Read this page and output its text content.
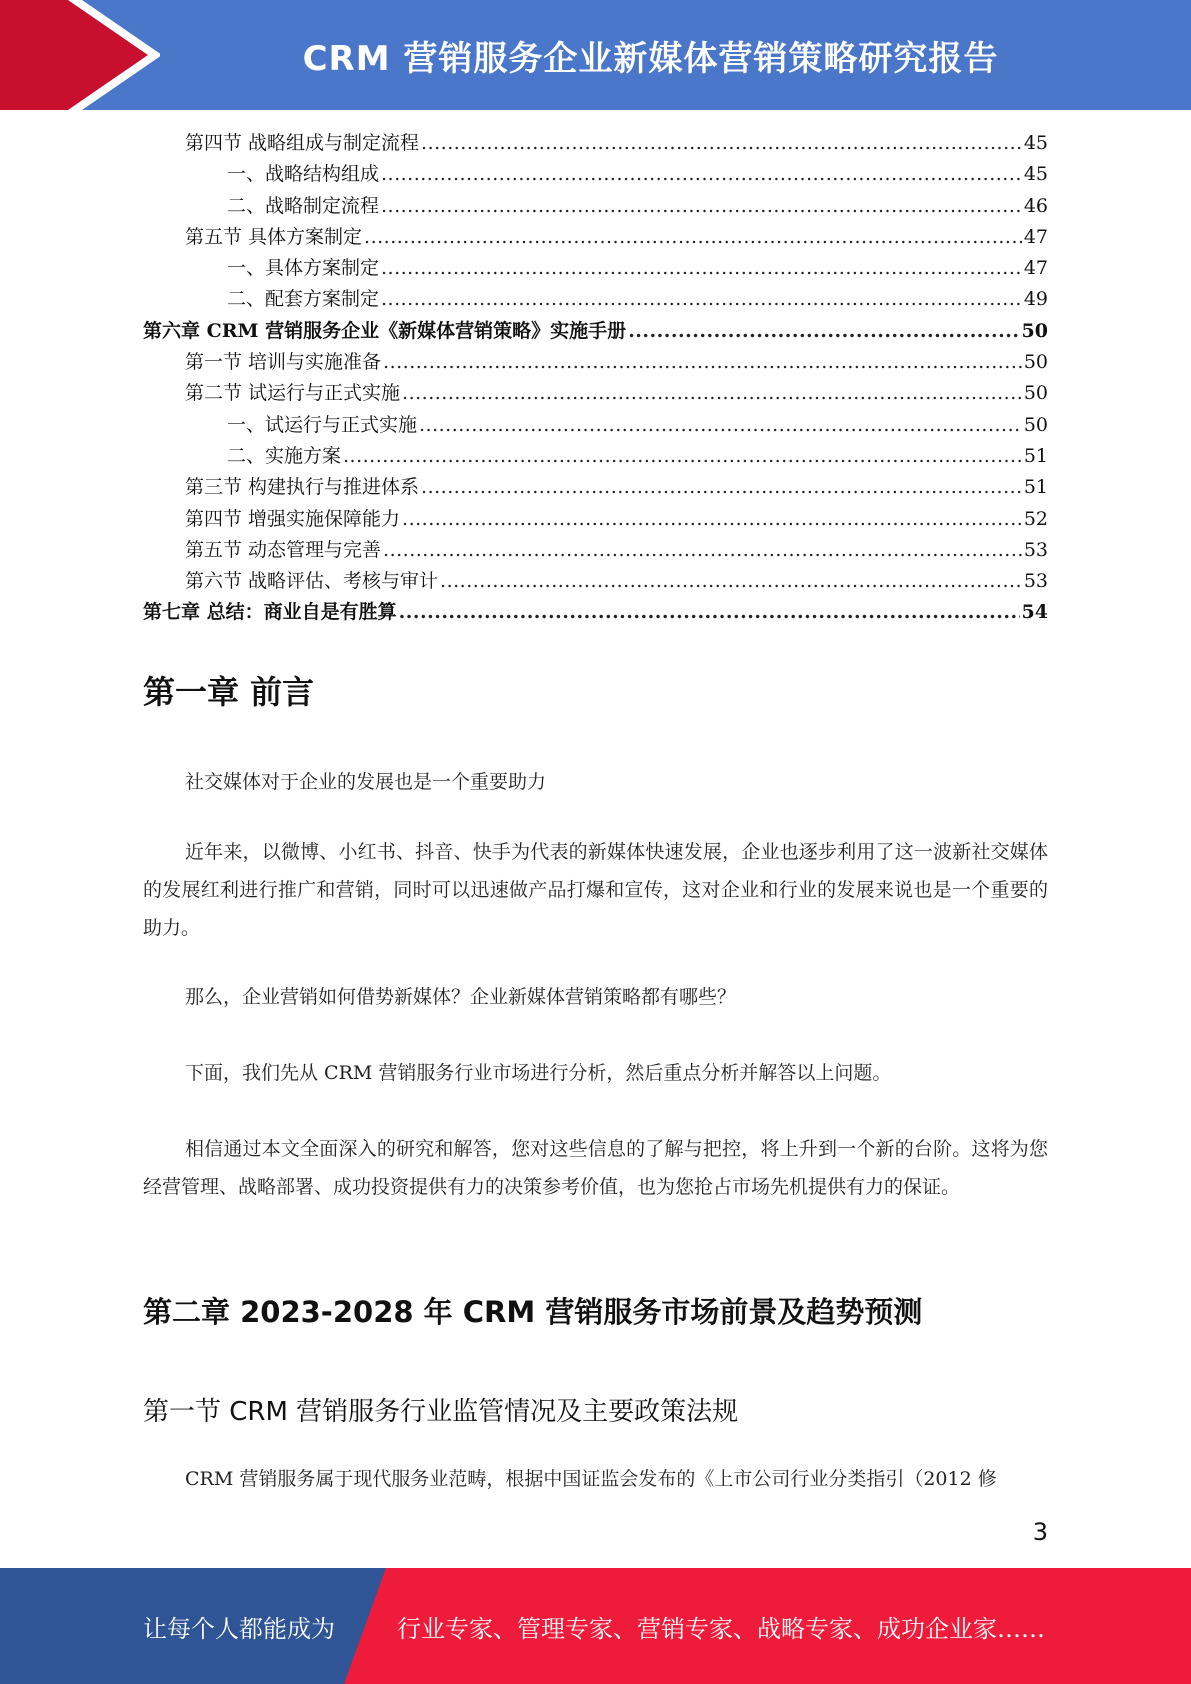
CRM 营销服务企业新媒体营销策略研究报告
第四节 战略组成与制定流程 .....	45
一、战略结构组成 .....	45
二、战略制定流程 .....	46
第五节 具体方案制定 .....	47
一、具体方案制定 .....	47
二、配套方案制定 .....	49
第六章 CRM 营销服务企业《新媒体营销策略》实施手册 .....	50
第一节 培训与实施准备 .....	50
第二节 试运行与正式实施 .....	50
一、试运行与正式实施 .....	50
二、实施方案 .....	51
第三节 构建执行与推进体系 .....	51
第四节 增强实施保障能力 .....	52
第五节 动态管理与完善 .....	53
第六节 战略评估、考核与审计 .....	53
第七章 总结：商业自是有胜算 .....	54
第一章 前言

社交媒体对于企业的发展也是一个重要助力

近年来，以微博、小红书、抖音、快手为代表的新媒体快速发展，企业也逐步利用了这一波新社交媒体的发展红利进行推广和营销，同时可以迅速做产品打爆和宣传，这对企业和行业的发展来说也是一个重要的助力。

那么，企业营销如何借势新媒体？企业新媒体营销策略都有哪些？

下面，我们先从 CRM 营销服务行业市场进行分析，然后重点分析并解答以上问题。

相信通过本文全面深入的研究和解答，您对这些信息的了解与把控，将上升到一个新的台阶。这将为您经营管理、战略部署、成功投资提供有力的决策参考价值，也为您抢占市场先机提供有力的保证。

第二章 2023-2028 年 CRM 营销服务市场前景及趋势预测
第一节 CRM 营销服务行业监管情况及主要政策法规

CRM 营销服务属于现代服务业范畴，根据中国证监会发布的《上市公司行业分类指引（2012 修

3
让每个人都能成为	行业专家、管理专家、营销专家、战略专家、成功企业家……
